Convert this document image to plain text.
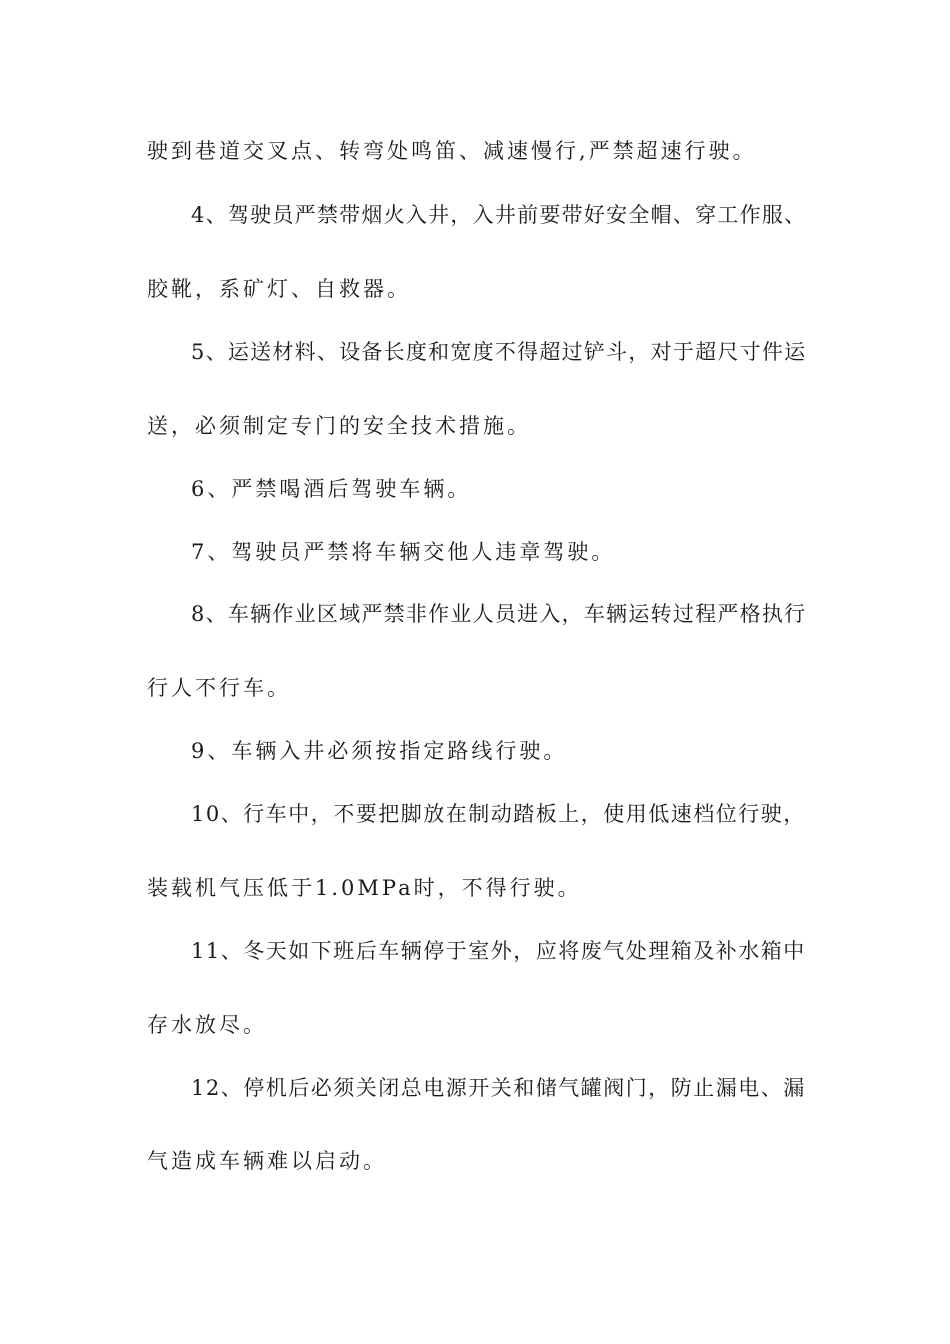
驶到巷道交叉点、转弯处鸣笛、减速慢行,严禁超速行驶。
4、驾驶员严禁带烟火入井，入井前要带好安全帽、穿工作服、
胶靴，系矿灯、自救器。
5、运送材料、设备长度和宽度不得超过铲斗，对于超尺寸件运
送，必须制定专门的安全技术措施。
6、严禁喝酒后驾驶车辆。
7、驾驶员严禁将车辆交他人违章驾驶。
8、车辆作业区域严禁非作业人员进入，车辆运转过程严格执行
行人不行车。
9、车辆入井必须按指定路线行驶。
10、行车中，不要把脚放在制动踏板上，使用低速档位行驶，
装载机气压低于1.0MPa时，不得行驶。
11、冬天如下班后车辆停于室外，应将废气处理箱及补水箱中
存水放尽。
12、停机后必须关闭总电源开关和储气罐阀门，防止漏电、漏
气造成车辆难以启动。
